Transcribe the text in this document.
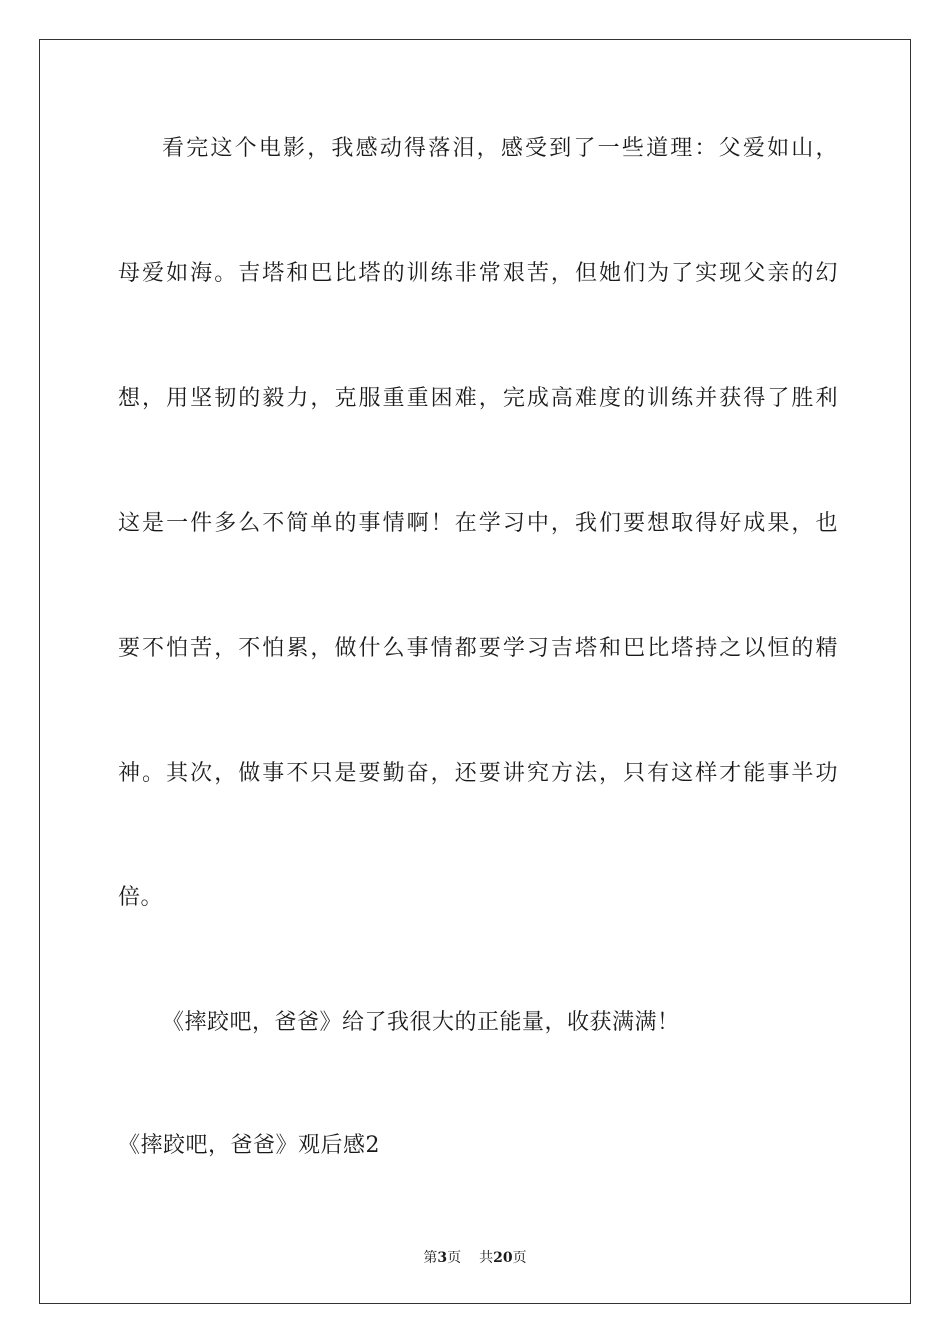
看完这个电影，我感动得落泪，感受到了一些道理：父爱如山，
母爱如海。吉塔和巴比塔的训练非常艰苦，但她们为了实现父亲的幻
想，用坚韧的毅力，克服重重困难，完成高难度的训练并获得了胜利
这是一件多么不简单的事情啊！在学习中，我们要想取得好成果，也
要不怕苦，不怕累，做什么事情都要学习吉塔和巴比塔持之以恒的精
神。其次，做事不只是要勤奋，还要讲究方法，只有这样才能事半功
倍。
《摔跤吧，爸爸》给了我很大的正能量，收获满满！
《摔跤吧，爸爸》观后感2
第3页 共20页
